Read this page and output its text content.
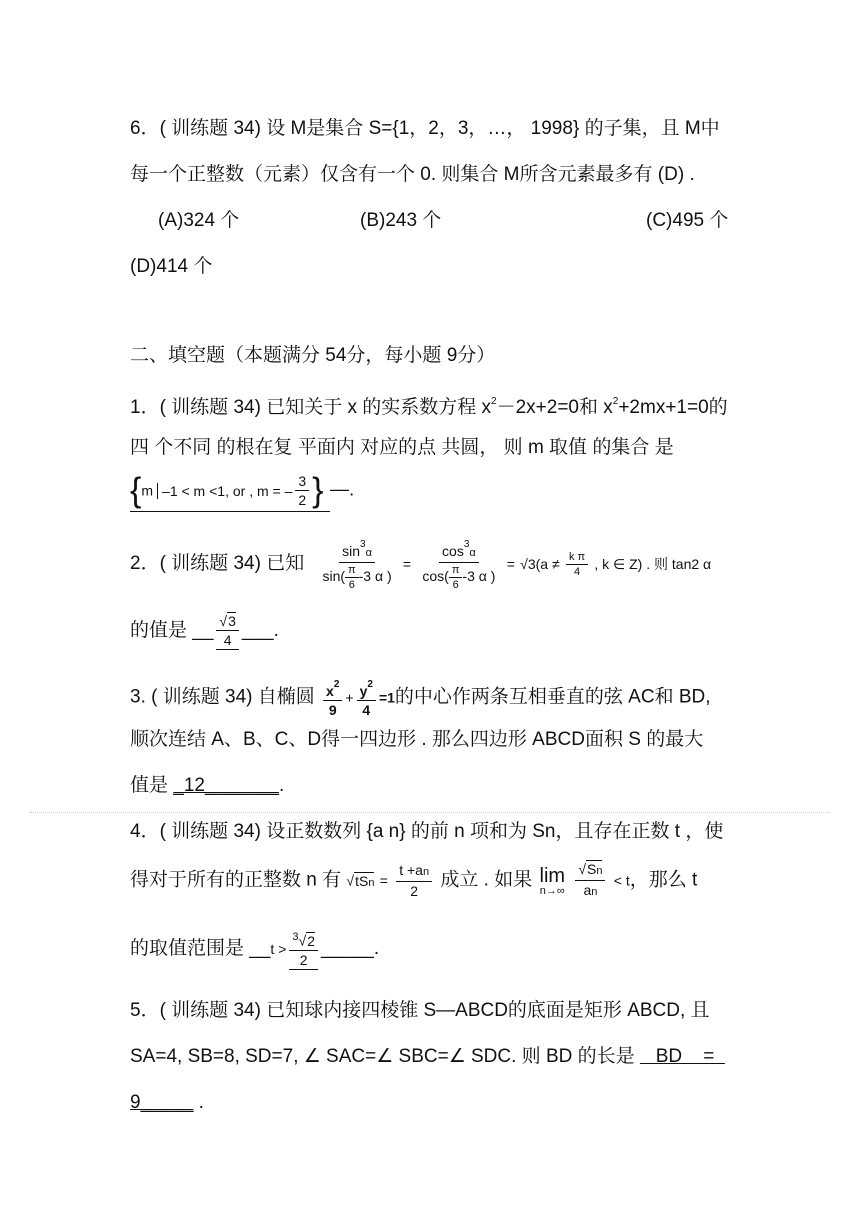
6．( 训练题 34) 设 M是集合 S={1，2，3，…， 1998} 的子集，且 M中
每一个正整数（元素）仅含有一个 0. 则集合 M所含元素最多有 (D) .
(A)324 个	(B)243 个	(C)495 个
(D)414 个
二、填空题（本题满分 54分，每小题 9分）
1．( 训练题 34) 已知关于 x 的实系数方程 $x^2-2x+2=0$和 $x^2+2mx+1=0$的
四 个不同 的根在复 平面内 对应的点 共圆， 则 m 取值 的集合 是
{m –1 < m <1, or , m = – $\frac{3}{2}$ } —.
2．( 训练题 34) 已知 $\frac{\sin^3\alpha}{\sin( \frac{\pi}{6} -3 \alpha )} = \frac{\cos^3\alpha}{\cos( \frac{\pi}{6} -3 \alpha )} = √3(a \ne \frac{\text{k π}}{4}$ , k ∈ Z) . 则 tan2 α
的值是 __ $\frac{√3}{4}$ ___.
3. ( 训练题 34) 自椭圆 $\frac{x^2}{9} + \frac{y^2}{4} =1$的中心作两条互相垂直的弦 AC和 BD,
顺次连结 A、B、C、D得一四边形 . 那么四边形 ABCD面积 S 的最大
值是 _12_______.
4．( 训练题 34) 设正数数列 {a n} 的前 n 项和为 Sn，且存在正数 t ，使
得对于所有的正整数 n 有 $√tSn = \frac{t +an}{2}$ 成立 . 如果 lim
n→∞
$\frac{√Sn}{an} < t$，那么 t
的取值范围是 __t > $\frac{^3√2}{2}$ _____.
5．( 训练题 34) 已知球内接四棱锥 S—ABCD的底面是矩形 ABCD, 且
SA=4, SB=8, SD=7, ∠ SAC=∠ SBC=∠ SDC. 则 BD 的长是    BD    =
9_____ .
